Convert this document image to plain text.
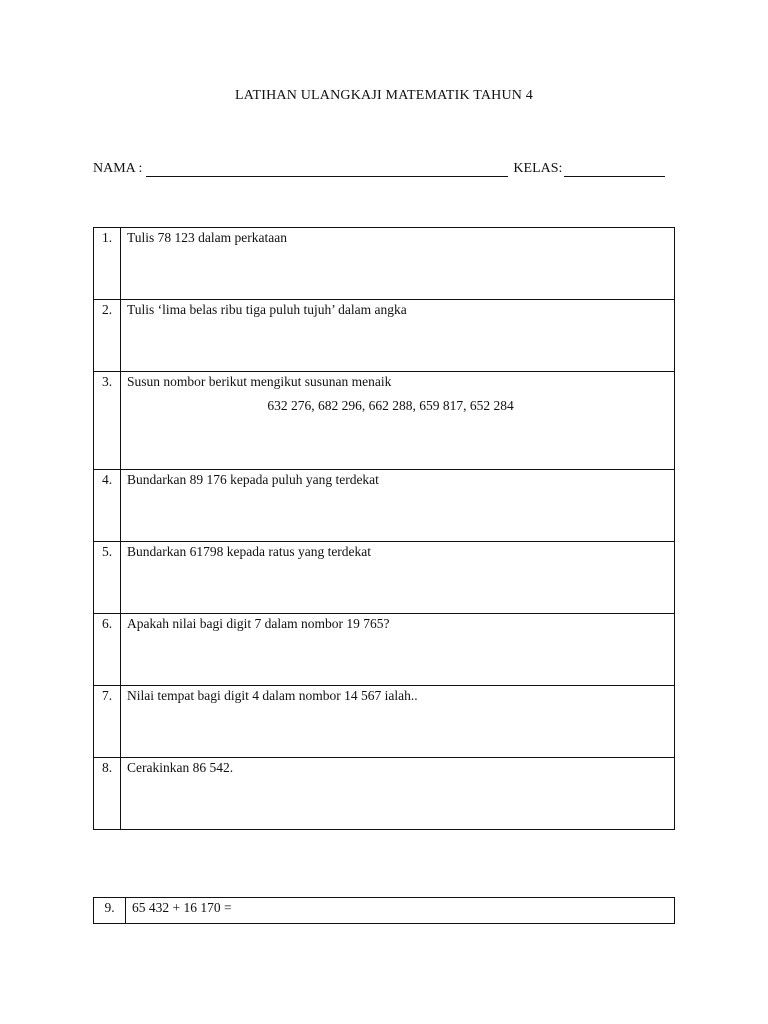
LATIHAN ULANGKAJI MATEMATIK TAHUN 4
NAMA :	KELAS:
1.	Tulis 78 123 dalam perkataan
2.	Tulis ‘lima belas ribu tiga puluh tujuh’ dalam angka
3.	Susun nombor berikut mengikut susunan menaik
632 276, 682 296, 662 288, 659 817, 652 284

4.	Bundarkan 89 176 kepada puluh yang terdekat
5.	Bundarkan 61798 kepada ratus yang terdekat
6.	Apakah nilai bagi digit 7 dalam nombor 19 765?
7.	Nilai tempat bagi digit 4 dalam nombor 14 567 ialah..
8.	Cerakinkan 86 542.
9.	65 432 + 16 170 =
